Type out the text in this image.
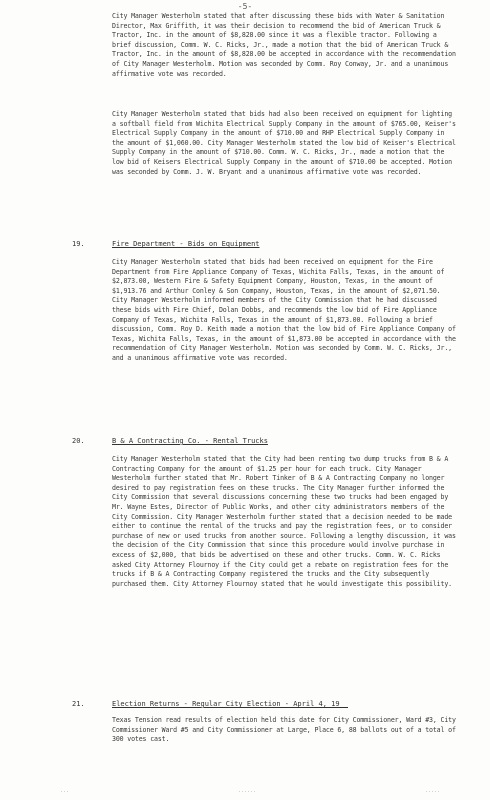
-5-
City Manager Westerholm stated that after discussing these bids with Water & Sanitation Director, Max Griffith, it was their decision to recommend the bid of American Truck & Tractor, Inc. in the amount of $8,828.00 since it was a flexible tractor. Following a brief discussion, Comm. W. C. Ricks, Jr., made a motion that the bid of American Truck & Tractor, Inc. in the amount of $8,828.00 be accepted in accordance with the recommendation of City Manager Westerholm. Motion was seconded by Comm. Roy Conway, Jr. and a unanimous affirmative vote was recorded.
City Manager Westerholm stated that bids had also been received on equipment for lighting a softball field from Wichita Electrical Supply Company in the amount of $765.00, Keiser's Electrical Supply Company in the amount of $710.00 and RHP Electrical Supply Company in the amount of $1,060.00. City Manager Westerholm stated the low bid of Keiser's Electrical Supply Company in the amount of $710.00. Comm. W. C. Ricks, Jr., made a motion that the low bid of Keisers Electrical Supply Company in the amount of $710.00 be accepted. Motion was seconded by Comm. J. W. Bryant and a unanimous affirmative vote was recorded.
19.	Fire Department - Bids on Equipment
City Manager Westerholm stated that bids had been received on equipment for the Fire Department from Fire Appliance Company of Texas, Wichita Falls, Texas, in the amount of $2,873.00, Western Fire & Safety Equipment Company, Houston, Texas, in the amount of $1,913.76 and Arthur Conley & Son Company, Houston, Texas, in the amount of $2,071.50. City Manager Westerholm informed members of the City Commission that he had discussed these bids with Fire Chief, Dolan Dobbs, and recommends the low bid of Fire Appliance Company of Texas, Wichita Falls, Texas in the amount of $1,873.00. Following a brief discussion, Comm. Roy D. Keith made a motion that the low bid of Fire Appliance Company of Texas, Wichita Falls, Texas, in the amount of $1,873.00 be accepted in accordance with the recommendation of City Manager Westerholm. Motion was seconded by Comm. W. C. Ricks, Jr., and a unanimous affirmative vote was recorded.
20.	B & A Contracting Co. - Rental Trucks
City Manager Westerholm stated that the City had been renting two dump trucks from B & A Contracting Company for the amount of $1.25 per hour for each truck. City Manager Westerholm further stated that Mr. Robert Tinker of B & A Contracting Company no longer desired to pay registration fees on these trucks. The City Manager further informed the City Commission that several discussions concerning these two trucks had been engaged by Mr. Wayne Estes, Director of Public Works, and other city administrators members of the City Commission. City Manager Westerholm further stated that a decision needed to be made either to continue the rental of the trucks and pay the registration fees, or to consider purchase of new or used trucks from another source. Following a lengthy discussion, it was the decision of the City Commission that since this procedure would involve purchase in excess of $2,000, that bids be advertised on these and other trucks. Comm. W. C. Ricks asked City Attorney Flournoy if the City could get a rebate on registration fees for the trucks if B & A Contracting Company registered the trucks and the City subsequently purchased them. City Attorney Flournoy stated that he would investigate this possibility.
21.	Election Returns - Regular City Election - April 4, 19__
Texas Tension read results of election held this date for City Commissioner, Ward #3, City Commissioner Ward #5 and City Commissioner at Large, Place 6, 88 ballots out of a total of 300 votes cast.
...	......	.....
